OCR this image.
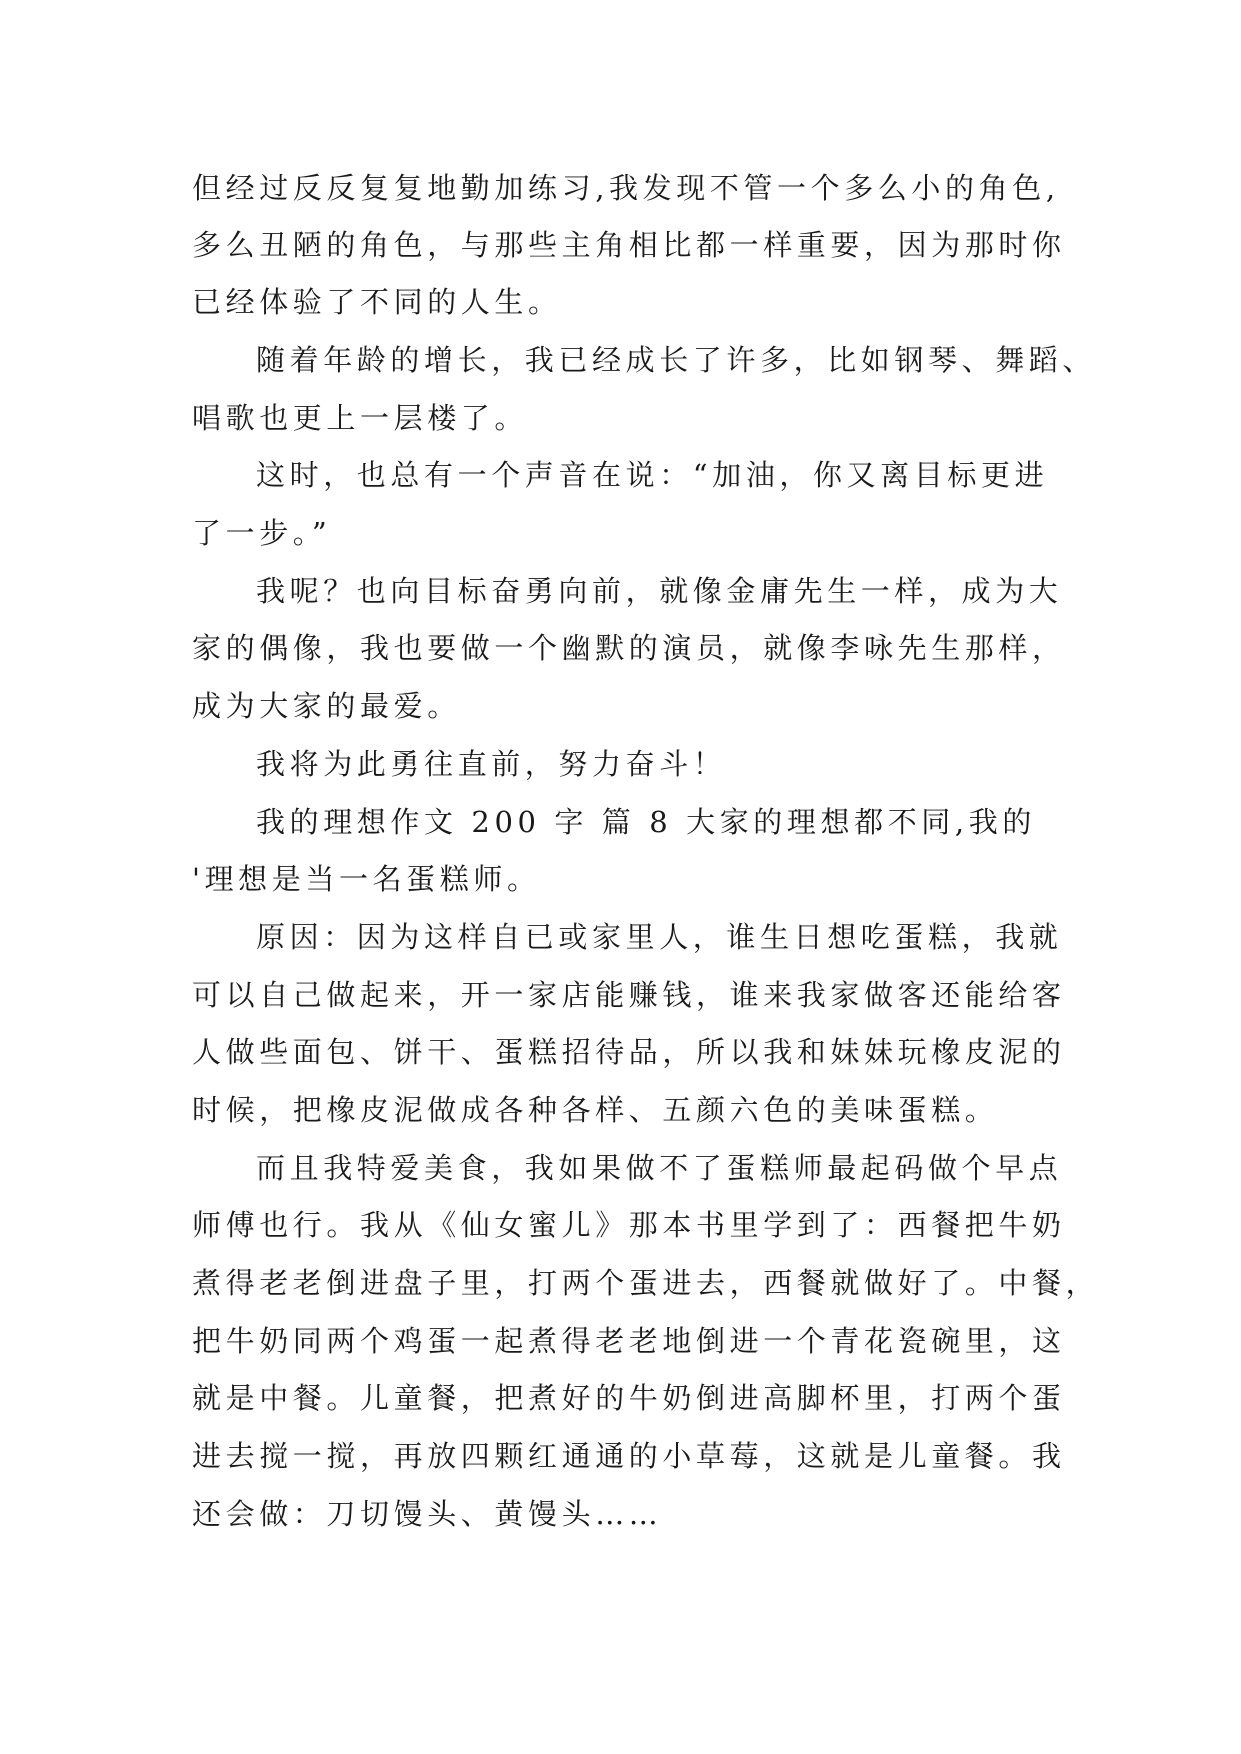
但经过反反复复地勤加练习,我发现不管一个多么小的角色,
多么丑陋的角色，与那些主角相比都一样重要，因为那时你
已经体验了不同的人生。
随着年龄的增长，我已经成长了许多，比如钢琴、舞蹈、
唱歌也更上一层楼了。
这时，也总有一个声音在说：“加油，你又离目标更进
了一步。”
我呢？也向目标奋勇向前，就像金庸先生一样，成为大
家的偶像，我也要做一个幽默的演员，就像李咏先生那样，
成为大家的最爱。
我将为此勇往直前，努力奋斗！
我的理想作文 200 字 篇 8 大家的理想都不同,我的
'理想是当一名蛋糕师。
原因：因为这样自已或家里人，谁生日想吃蛋糕，我就
可以自己做起来，开一家店能赚钱，谁来我家做客还能给客
人做些面包、饼干、蛋糕招待品，所以我和妹妹玩橡皮泥的
时候，把橡皮泥做成各种各样、五颜六色的美味蛋糕。
而且我特爱美食，我如果做不了蛋糕师最起码做个早点
师傅也行。我从《仙女蜜儿》那本书里学到了：西餐把牛奶
煮得老老倒进盘子里，打两个蛋进去，西餐就做好了。中餐，
把牛奶同两个鸡蛋一起煮得老老地倒进一个青花瓷碗里，这
就是中餐。儿童餐，把煮好的牛奶倒进高脚杯里，打两个蛋
进去搅一搅，再放四颗红通通的小草莓，这就是儿童餐。我
还会做：刀切馒头、黄馒头……
